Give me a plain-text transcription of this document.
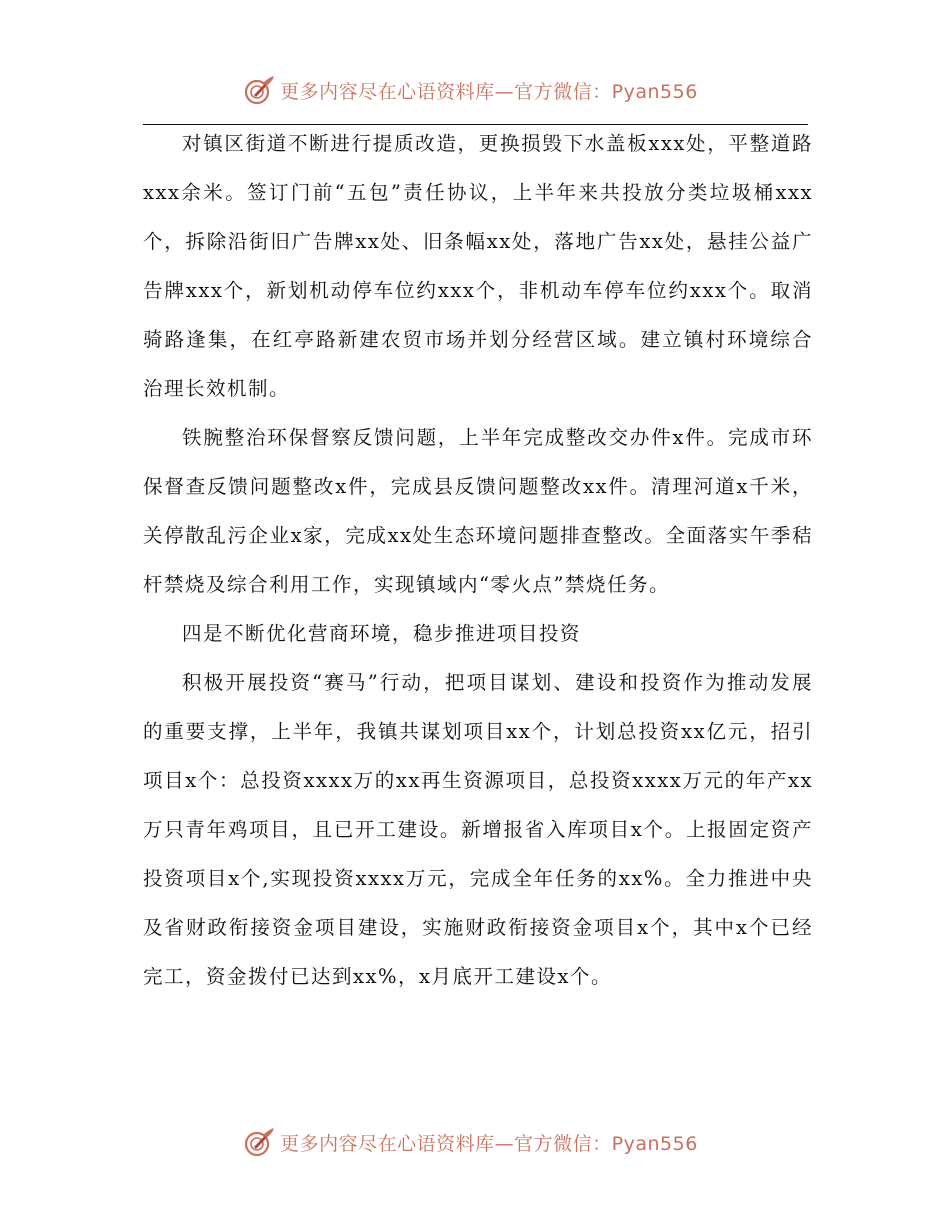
更多内容尽在心语资料库—官方微信：Pyan556

对镇区街道不断进行提质改造，更换损毁下水盖板xxx处，平整道路xxx余米。签订门前“五包”责任协议，上半年来共投放分类垃圾桶xxx个，拆除沿街旧广告牌xx处、旧条幅xx处，落地广告xx处，悬挂公益广告牌xxx个，新划机动停车位约xxx个，非机动车停车位约xxx个。取消骑路逢集，在红亭路新建农贸市场并划分经营区域。建立镇村环境综合治理长效机制。

铁腕整治环保督察反馈问题，上半年完成整改交办件x件。完成市环保督查反馈问题整改x件，完成县反馈问题整改xx件。清理河道x千米，关停散乱污企业x家，完成xx处生态环境问题排查整改。全面落实午季秸杆禁烧及综合利用工作，实现镇域内“零火点”禁烧任务。

四是不断优化营商环境，稳步推进项目投资

积极开展投资“赛马”行动，把项目谋划、建设和投资作为推动发展的重要支撑，上半年，我镇共谋划项目xx个，计划总投资xx亿元，招引项目x个：总投资xxxx万的xx再生资源项目，总投资xxxx万元的年产xx万只青年鸡项目，且已开工建设。新增报省入库项目x个。上报固定资产投资项目x个,实现投资xxxx万元，完成全年任务的xx%。全力推进中央及省财政衔接资金项目建设，实施财政衔接资金项目x个，其中x个已经完工，资金拨付已达到xx%，x月底开工建设x个。

更多内容尽在心语资料库—官方微信：Pyan556
